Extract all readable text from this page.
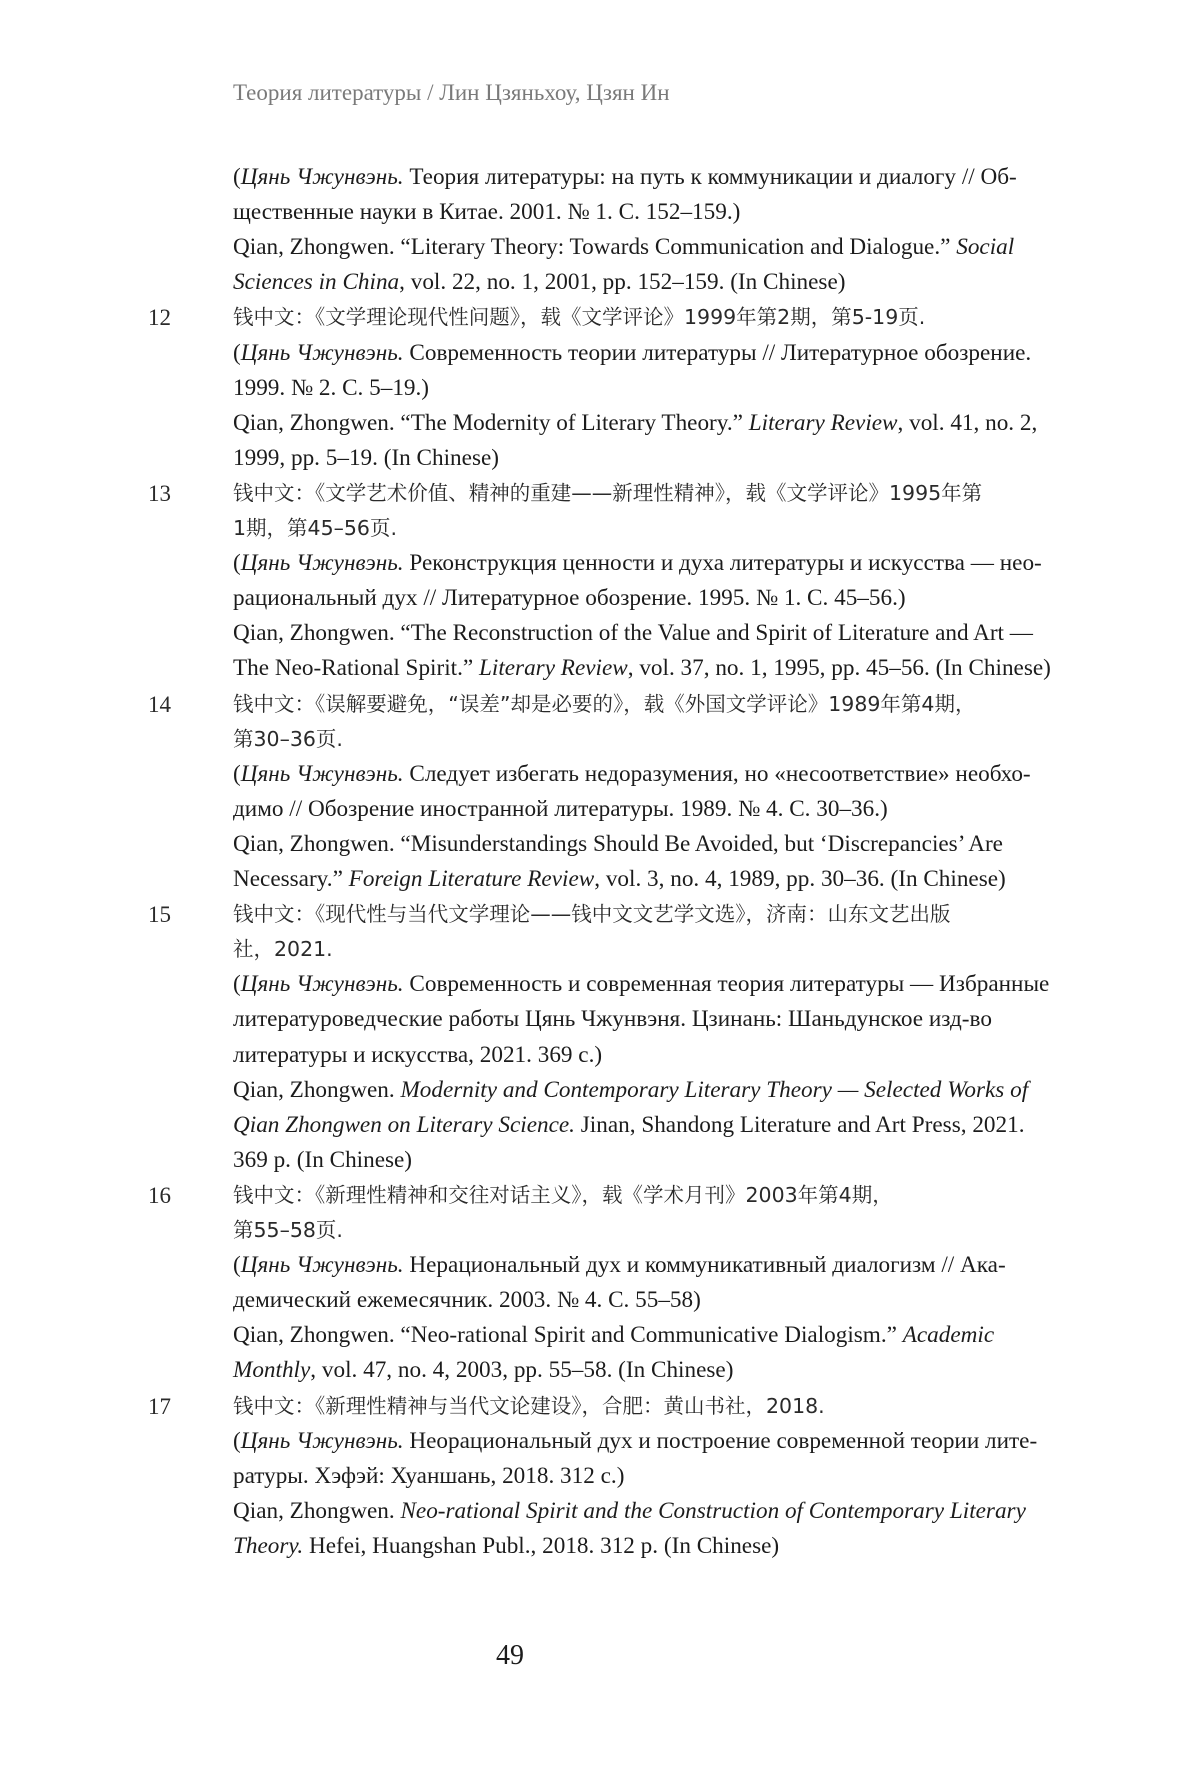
Теория литературы / Лин Цзяньхоу, Цзян Ин
(Цянь Чжунвэнь. Теория литературы: на путь к коммуникации и диалогу // Об-
щественные науки в Китае. 2001. № 1. С. 152–159.)
Qian, Zhongwen. “Literary Theory: Towards Communication and Dialogue.” Social
Sciences in China, vol. 22, no. 1, 2001, pp. 152–159. (In Chinese)
12	钱中文：《文学理论现代性问题》，载《文学评论》1999年第2期，第5-19页.
(Цянь Чжунвэнь. Современность теории литературы // Литературное обозрение.
1999. № 2. С. 5–19.)
Qian, Zhongwen. “The Modernity of Literary Theory.” Literary Review, vol. 41, no. 2,
1999, pp. 5–19. (In Chinese)
13	钱中文：《文学艺术价值、精神的重建——新理性精神》，载《文学评论》1995年第
1期，第45–56页.
(Цянь Чжунвэнь. Реконструкция ценности и духа литературы и искусства — нео-
рациональный дух // Литературное обозрение. 1995. № 1. С. 45–56.)
Qian, Zhongwen. “The Reconstruction of the Value and Spirit of Literature and Art —
The Neo-Rational Spirit.” Literary Review, vol. 37, no. 1, 1995, pp. 45–56. (In Chinese)
14	钱中文：《误解要避免，“误差”却是必要的》，载《外国文学评论》1989年第4期，
第30–36页.
(Цянь Чжунвэнь. Следует избегать недоразумения, но «несоответствие» необхо-
димо // Обозрение иностранной литературы. 1989. № 4. С. 30–36.)
Qian, Zhongwen. “Misunderstandings Should Be Avoided, but ‘Discrepancies’ Are
Necessary.” Foreign Literature Review, vol. 3, no. 4, 1989, pp. 30–36. (In Chinese)
15	钱中文：《现代性与当代文学理论——钱中文文艺学文选》，济南：山东文艺出版
社，2021.
(Цянь Чжунвэнь. Современность и современная теория литературы — Избранные
литературоведческие работы Цянь Чжунвэня. Цзинань: Шаньдунское изд-во
литературы и искусства, 2021. 369 с.)
Qian, Zhongwen. Modernity and Contemporary Literary Theory — Selected Works of
Qian Zhongwen on Literary Science. Jinan, Shandong Literature and Art Press, 2021.
369 p. (In Chinese)
16	钱中文：《新理性精神和交往对话主义》，载《学术月刊》2003年第4期，
第55–58页.
(Цянь Чжунвэнь. Нерациональный дух и коммуникативный диалогизм // Ака-
демический ежемесячник. 2003. № 4. С. 55–58)
Qian, Zhongwen. “Neo-rational Spirit and Communicative Dialogism.” Academic
Monthly, vol. 47, no. 4, 2003, pp. 55–58. (In Chinese)
17	钱中文：《新理性精神与当代文论建设》，合肥：黄山书社，2018.
(Цянь Чжунвэнь. Неорациональный дух и построение современной теории лите-
ратуры. Хэфэй: Хуаншань, 2018. 312 с.)
Qian, Zhongwen. Neo-rational Spirit and the Construction of Contemporary Literary
Theory. Hefei, Huangshan Publ., 2018. 312 p. (In Chinese)
49
